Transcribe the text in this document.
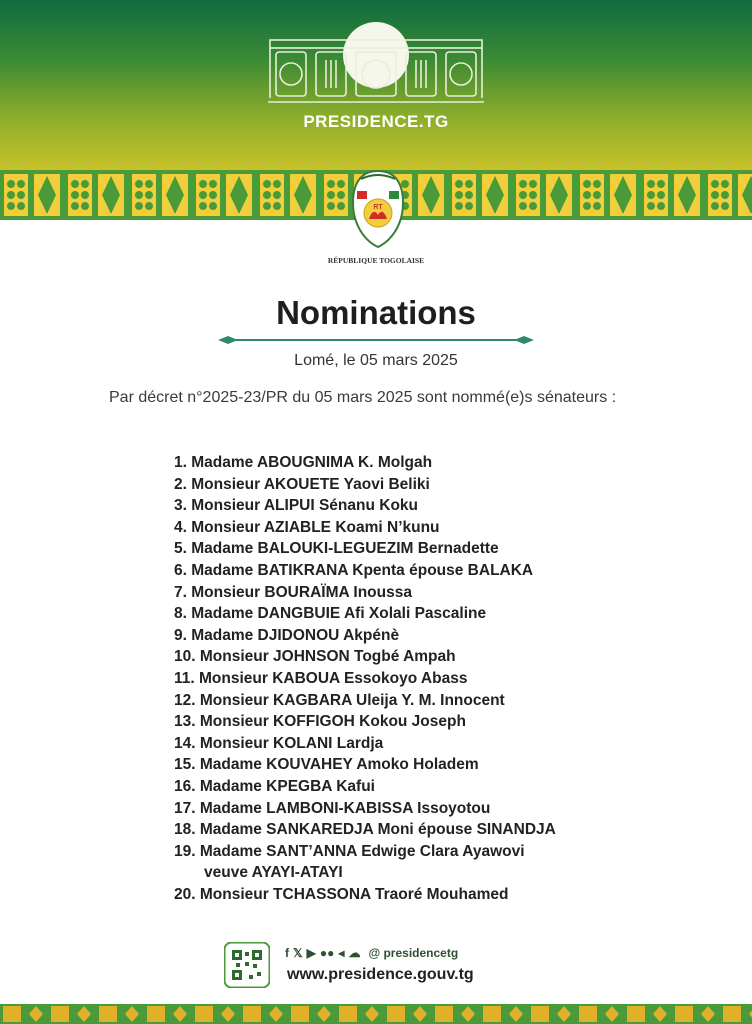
PRESIDENCE.TG
RT
RÉPUBLIQUE TOGOLAISE
Nominations
Lomé, le 05 mars 2025
Par décret n°2025-23/PR du 05 mars 2025 sont nommé(e)s sénateurs :
1. Madame ABOUGNIMA K. Molgah
2. Monsieur AKOUETE Yaovi Beliki
3. Monsieur ALIPUI Sénanu Koku
4. Monsieur AZIABLE Koami N’kunu
5. Madame BALOUKI-LEGUEZIM Bernadette
6. Madame BATIKRANA Kpenta épouse BALAKA
7. Monsieur BOURAÏMA Inoussa
8. Madame DANGBUIE Afi Xolali Pascaline
9. Madame DJIDONOU Akpénè
10. Monsieur JOHNSON Togbé Ampah
11. Monsieur KABOUA Essokoyo Abass
12. Monsieur KAGBARA Uleija Y. M. Innocent
13. Monsieur KOFFIGOH Kokou Joseph
14. Monsieur KOLANI Lardja
15. Madame KOUVAHEY Amoko Holadem
16. Madame KPEGBA Kafui
17. Madame LAMBONI-KABISSA Issoyotou
18. Madame SANKAREDJA Moni épouse SINANDJA
19. Madame SANT’ANNA Edwige Clara Ayawovi
veuve AYAYI-ATAYI
20. Monsieur TCHASSONA Traoré Mouhamed
f 𝕏 ▶ ●● ◂ ☁ @ presidencetg
www.presidence.gouv.tg
